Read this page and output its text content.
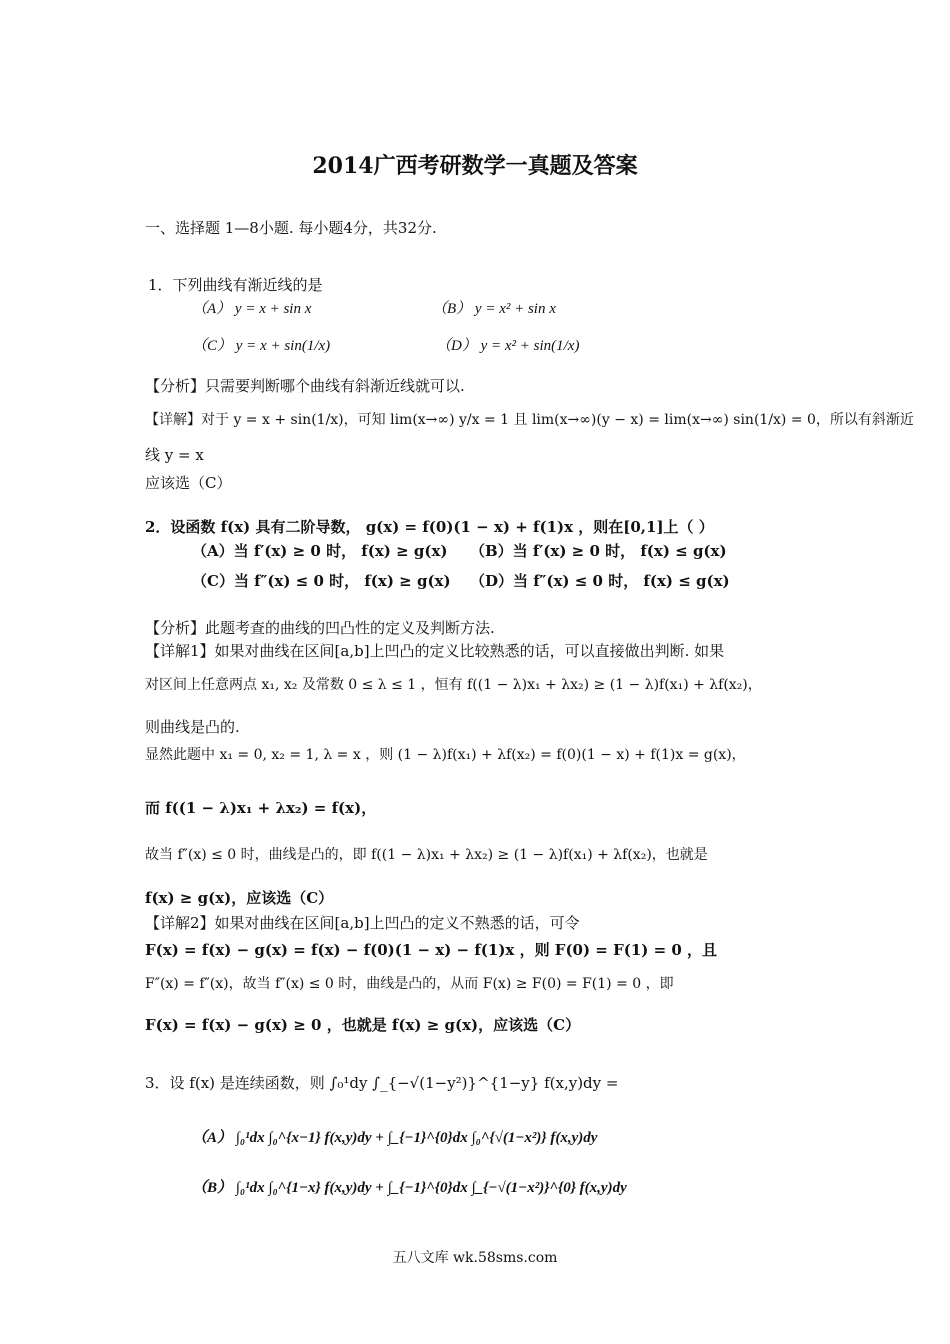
2014广西考研数学一真题及答案
一、选择题 1—8小题. 每小题4分，共32分.
1．下列曲线有渐近线的是
（A） y = x + sin x	（B） y = x² + sin x
（C） y = x + sin(1/x)	（D） y = x² + sin(1/x)
【分析】只需要判断哪个曲线有斜渐近线就可以.
【详解】对于 y = x + sin(1/x)，可知 lim(x→∞) y/x = 1 且 lim(x→∞)(y − x) = lim(x→∞) sin(1/x) = 0，所以有斜渐近
线 y = x
应该选（C）
2．设函数 f(x) 具有二阶导数， g(x) = f(0)(1 − x) + f(1)x ，则在[0,1]上（ ）
（A）当 f′(x) ≥ 0 时， f(x) ≥ g(x) （B）当 f′(x) ≥ 0 时， f(x) ≤ g(x)
（C）当 f″(x) ≤ 0 时， f(x) ≥ g(x) （D）当 f″(x) ≤ 0 时， f(x) ≤ g(x)
【分析】此题考查的曲线的凹凸性的定义及判断方法.
【详解1】如果对曲线在区间[a,b]上凹凸的定义比较熟悉的话，可以直接做出判断. 如果
对区间上任意两点 x₁, x₂ 及常数 0 ≤ λ ≤ 1 ，恒有 f((1 − λ)x₁ + λx₂) ≥ (1 − λ)f(x₁) + λf(x₂)，
则曲线是凸的.
显然此题中 x₁ = 0, x₂ = 1, λ = x ，则 (1 − λ)f(x₁) + λf(x₂) = f(0)(1 − x) + f(1)x = g(x)，
而 f((1 − λ)x₁ + λx₂) = f(x)，
故当 f″(x) ≤ 0 时，曲线是凸的，即 f((1 − λ)x₁ + λx₂) ≥ (1 − λ)f(x₁) + λf(x₂)，也就是
f(x) ≥ g(x)，应该选（C）
【详解2】如果对曲线在区间[a,b]上凹凸的定义不熟悉的话，可令
F(x) = f(x) − g(x) = f(x) − f(0)(1 − x) − f(1)x ，则 F(0) = F(1) = 0 ，且
F″(x) = f″(x)，故当 f″(x) ≤ 0 时，曲线是凸的，从而 F(x) ≥ F(0) = F(1) = 0 ，即
F(x) = f(x) − g(x) ≥ 0 ，也就是 f(x) ≥ g(x)，应该选（C）
3．设 f(x) 是连续函数，则 ∫₀¹dy ∫_{−√(1−y²)}^{1−y} f(x,y)dy =
（A） ∫₀¹dx ∫₀^{x−1} f(x,y)dy + ∫_{−1}^{0}dx ∫₀^{√(1−x²)} f(x,y)dy
（B） ∫₀¹dx ∫₀^{1−x} f(x,y)dy + ∫_{−1}^{0}dx ∫_{−√(1−x²)}^{0} f(x,y)dy
五八文库 wk.58sms.com
